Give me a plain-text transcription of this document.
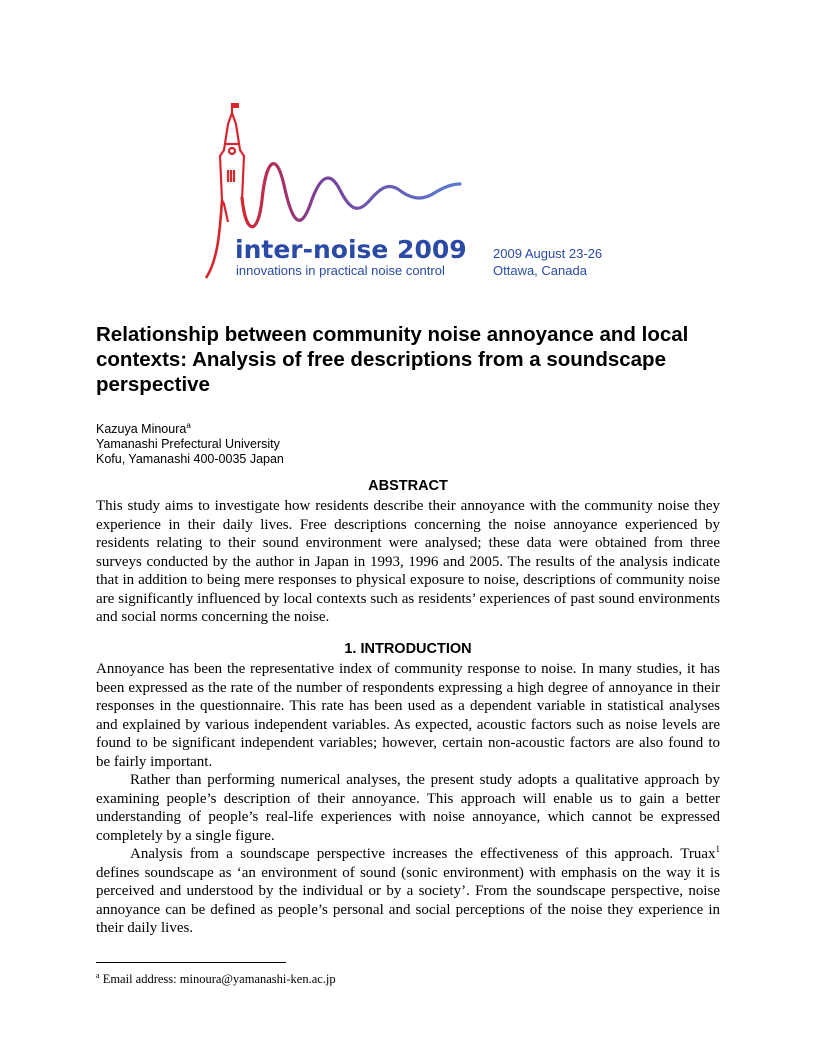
inter-noise 2009
innovations in practical noise control
2009 August 23-26
Ottawa, Canada
Relationship between community noise annoyance and local contexts: Analysis of free descriptions from a soundscape perspective
Kazuya Minoura$^a$
Yamanashi Prefectural University
Kofu, Yamanashi 400-0035 Japan
ABSTRACT

This study aims to investigate how residents describe their annoyance with the community noise they experience in their daily lives. Free descriptions concerning the noise annoyance experienced by residents relating to their sound environment were analysed; these data were obtained from three surveys conducted by the author in Japan in 1993, 1996 and 2005. The results of the analysis indicate that in addition to being mere responses to physical exposure to noise, descriptions of community noise are significantly influenced by local contexts such as residents’ experiences of past sound environments and social norms concerning the noise.

1. INTRODUCTION

Annoyance has been the representative index of community response to noise. In many studies, it has been expressed as the rate of the number of respondents expressing a high degree of annoyance in their responses in the questionnaire. This rate has been used as a dependent variable in statistical analyses and explained by various independent variables. As expected, acoustic factors such as noise levels are found to be significant independent variables; however, certain non-acoustic factors are also found to be fairly important.

Rather than performing numerical analyses, the present study adopts a qualitative approach by examining people’s description of their annoyance. This approach will enable us to gain a better understanding of people’s real-life experiences with noise annoyance, which cannot be expressed completely by a single figure.

Analysis from a soundscape perspective increases the effectiveness of this approach. Truax$^1$ defines soundscape as ‘an environment of sound (sonic environment) with emphasis on the way it is perceived and understood by the individual or by a society’. From the soundscape perspective, noise annoyance can be defined as people’s personal and social perceptions of the noise they experience in their daily lives.

$^a$ Email address: minoura@yamanashi-ken.ac.jp
